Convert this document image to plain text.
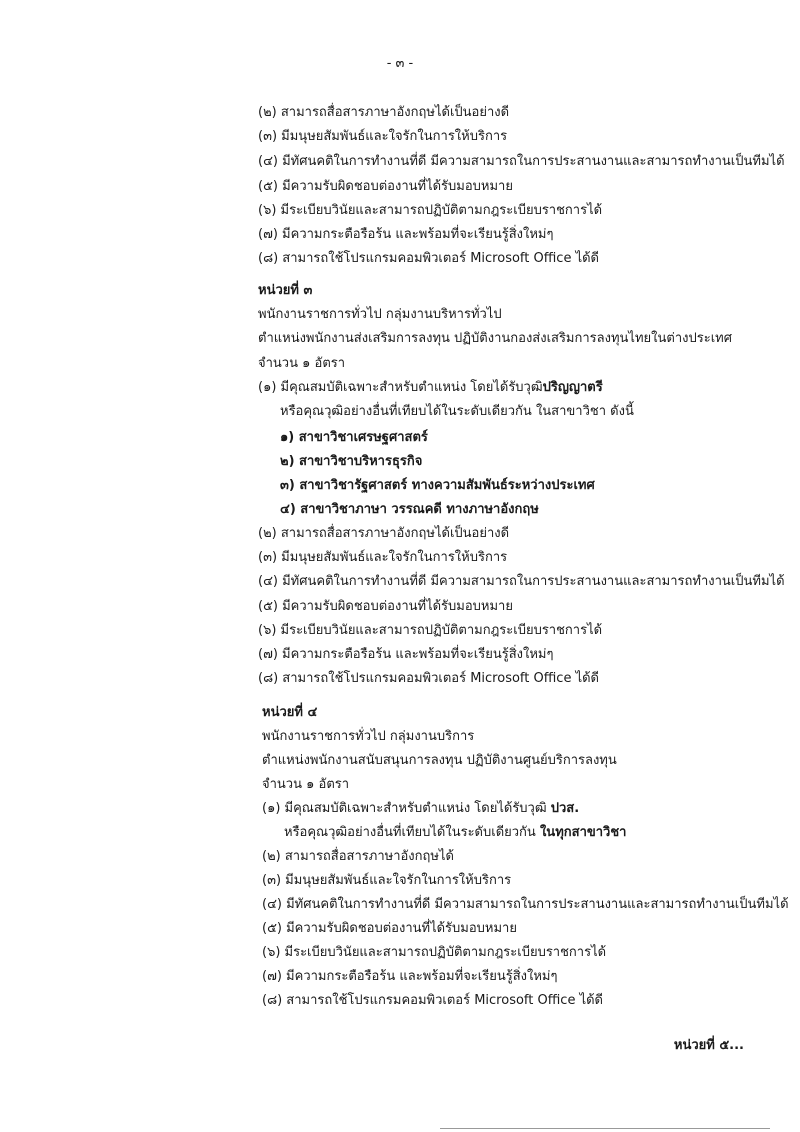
- ๓ -
(๒) สามารถสื่อสารภาษาอังกฤษได้เป็นอย่างดี
(๓) มีมนุษยสัมพันธ์และใจรักในการให้บริการ
(๔) มีทัศนคติในการทำงานที่ดี มีความสามารถในการประสานงานและสามารถทำงานเป็นทีมได้
(๕) มีความรับผิดชอบต่องานที่ได้รับมอบหมาย
(๖) มีระเบียบวินัยและสามารถปฏิบัติตามกฎระเบียบราชการได้
(๗) มีความกระตือรือร้น และพร้อมที่จะเรียนรู้สิ่งใหม่ๆ
(๘) สามารถใช้โปรแกรมคอมพิวเตอร์ Microsoft Office ได้ดี
หน่วยที่ ๓
พนักงานราชการทั่วไป กลุ่มงานบริหารทั่วไป
ตำแหน่งพนักงานส่งเสริมการลงทุน ปฏิบัติงานกองส่งเสริมการลงทุนไทยในต่างประเทศ
จำนวน ๑ อัตรา
(๑) มีคุณสมบัติเฉพาะสำหรับตำแหน่ง โดยได้รับวุฒิปริญญาตรี
หรือคุณวุฒิอย่างอื่นที่เทียบได้ในระดับเดียวกัน ในสาขาวิชา ดังนี้
๑) สาขาวิชาเศรษฐศาสตร์
๒) สาขาวิชาบริหารธุรกิจ
๓) สาขาวิชารัฐศาสตร์ ทางความสัมพันธ์ระหว่างประเทศ
๔) สาขาวิชาภาษา วรรณคดี ทางภาษาอังกฤษ
(๒) สามารถสื่อสารภาษาอังกฤษได้เป็นอย่างดี
(๓) มีมนุษยสัมพันธ์และใจรักในการให้บริการ
(๔) มีทัศนคติในการทำงานที่ดี มีความสามารถในการประสานงานและสามารถทำงานเป็นทีมได้
(๕) มีความรับผิดชอบต่องานที่ได้รับมอบหมาย
(๖) มีระเบียบวินัยและสามารถปฏิบัติตามกฎระเบียบราชการได้
(๗) มีความกระตือรือร้น และพร้อมที่จะเรียนรู้สิ่งใหม่ๆ
(๘) สามารถใช้โปรแกรมคอมพิวเตอร์ Microsoft Office ได้ดี
หน่วยที่ ๔
พนักงานราชการทั่วไป กลุ่มงานบริการ
ตำแหน่งพนักงานสนับสนุนการลงทุน ปฏิบัติงานศูนย์บริการลงทุน
จำนวน ๑ อัตรา
(๑) มีคุณสมบัติเฉพาะสำหรับตำแหน่ง โดยได้รับวุฒิ ปวส.
หรือคุณวุฒิอย่างอื่นที่เทียบได้ในระดับเดียวกัน ในทุกสาขาวิชา
(๒) สามารถสื่อสารภาษาอังกฤษได้
(๓) มีมนุษยสัมพันธ์และใจรักในการให้บริการ
(๔) มีทัศนคติในการทำงานที่ดี มีความสามารถในการประสานงานและสามารถทำงานเป็นทีมได้
(๕) มีความรับผิดชอบต่องานที่ได้รับมอบหมาย
(๖) มีระเบียบวินัยและสามารถปฏิบัติตามกฎระเบียบราชการได้
(๗) มีความกระตือรือร้น และพร้อมที่จะเรียนรู้สิ่งใหม่ๆ
(๘) สามารถใช้โปรแกรมคอมพิวเตอร์ Microsoft Office ได้ดี
หน่วยที่ ๕...
